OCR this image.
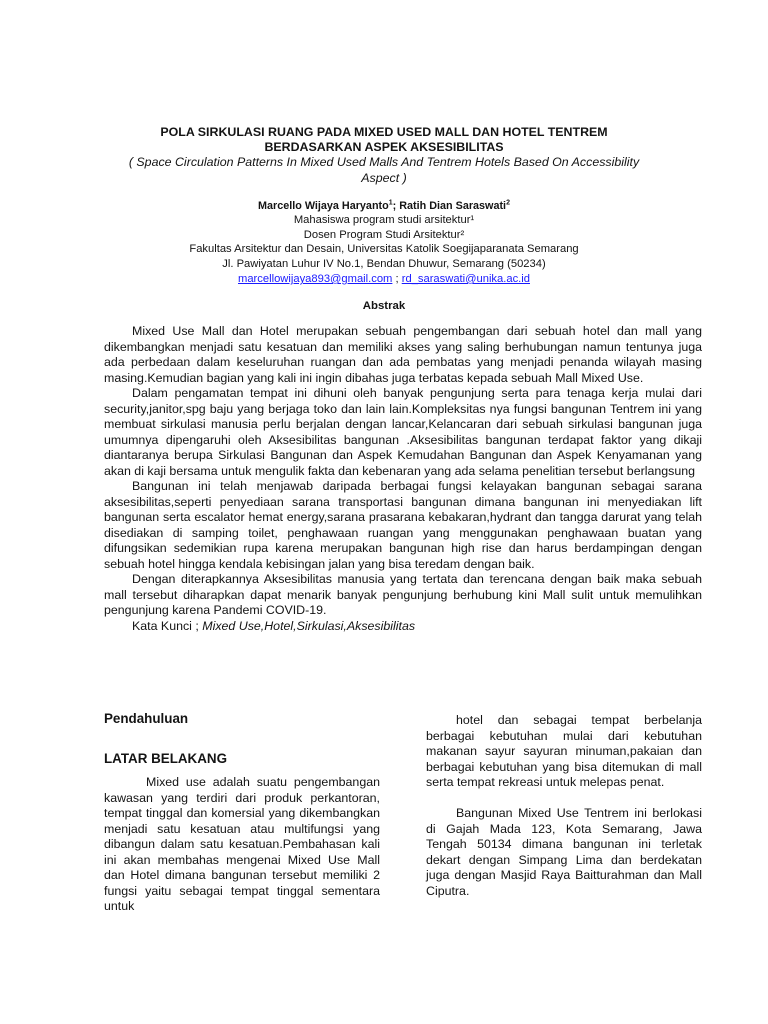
POLA SIRKULASI RUANG PADA MIXED USED MALL DAN HOTEL TENTREM
BERDASARKAN ASPEK AKSESIBILITAS
( Space Circulation Patterns In Mixed Used Malls And Tentrem Hotels Based On Accessibility
Aspect )
Marcello Wijaya Haryanto$^1$; Ratih Dian Saraswati$^2$
Mahasiswa program studi arsitektur¹
Dosen Program Studi Arsitektur²
Fakultas Arsitektur dan Desain, Universitas Katolik Soegijaparanata Semarang
Jl. Pawiyatan Luhur IV No.1, Bendan Dhuwur, Semarang (50234)
marcellowijaya893@gmail.com ; rd_saraswati@unika.ac.id
Abstrak

Mixed Use Mall dan Hotel merupakan sebuah pengembangan dari sebuah hotel dan mall yang dikembangkan menjadi satu kesatuan dan memiliki akses yang saling berhubungan namun tentunya juga ada perbedaan dalam keseluruhan ruangan dan ada pembatas yang menjadi penanda wilayah masing masing.Kemudian bagian yang kali ini ingin dibahas juga terbatas kepada sebuah Mall Mixed Use.

Dalam pengamatan tempat ini dihuni oleh banyak pengunjung serta para tenaga kerja mulai dari security,janitor,spg baju yang berjaga toko dan lain lain.Kompleksitas nya fungsi bangunan Tentrem ini yang membuat sirkulasi manusia perlu berjalan dengan lancar,Kelancaran dari sebuah sirkulasi bangunan juga umumnya dipengaruhi oleh Aksesibilitas bangunan .Aksesibilitas bangunan terdapat faktor yang dikaji diantaranya berupa Sirkulasi Bangunan dan Aspek Kemudahan Bangunan dan Aspek Kenyamanan yang akan di kaji bersama untuk mengulik fakta dan kebenaran yang ada selama penelitian tersebut berlangsung

Bangunan ini telah menjawab daripada berbagai fungsi kelayakan bangunan sebagai sarana aksesibilitas,seperti penyediaan sarana transportasi bangunan dimana bangunan ini menyediakan lift bangunan serta escalator hemat energy,sarana prasarana kebakaran,hydrant dan tangga darurat yang telah disediakan di samping toilet, penghawaan ruangan yang menggunakan penghawaan buatan yang difungsikan sedemikian rupa karena merupakan bangunan high rise dan harus berdampingan dengan sebuah hotel hingga kendala kebisingan jalan yang bisa teredam dengan baik.

Dengan diterapkannya Aksesibilitas manusia yang tertata dan terencana dengan baik maka sebuah mall tersebut diharapkan dapat menarik banyak pengunjung berhubung kini Mall sulit untuk memulihkan pengunjung karena Pandemi COVID-19.

Kata Kunci ; Mixed Use,Hotel,Sirkulasi,Aksesibilitas

Pendahuluan
LATAR BELAKANG

Mixed use adalah suatu pengembangan kawasan yang terdiri dari produk perkantoran, tempat tinggal dan komersial yang dikembangkan menjadi satu kesatuan atau multifungsi yang dibangun dalam satu kesatuan.Pembahasan kali ini akan membahas mengenai Mixed Use Mall dan Hotel dimana bangunan tersebut memiliki 2 fungsi yaitu sebagai tempat tinggal sementara untuk

hotel dan sebagai tempat berbelanja berbagai kebutuhan mulai dari kebutuhan makanan sayur sayuran minuman,pakaian dan berbagai kebutuhan yang bisa ditemukan di mall serta tempat rekreasi untuk melepas penat.

Bangunan Mixed Use Tentrem ini berlokasi di Gajah Mada 123, Kota Semarang, Jawa Tengah 50134 dimana bangunan ini terletak dekart dengan Simpang Lima dan berdekatan juga dengan Masjid Raya Baitturahman dan Mall Ciputra.
